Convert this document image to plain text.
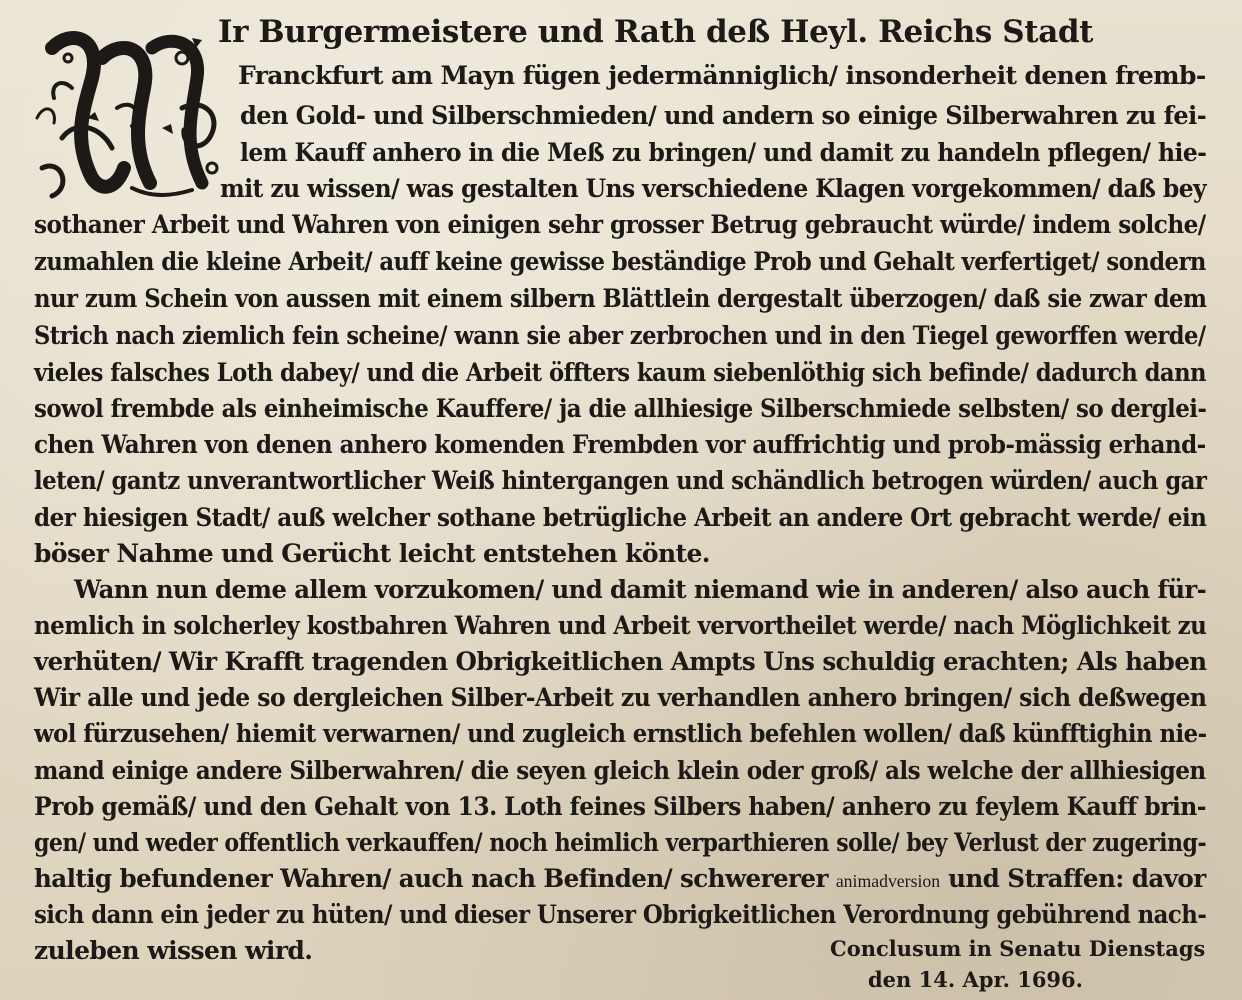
Ir Burgermeistere und Rath deß Heyl. Reichs Stadt
Franckfurt am Mayn fügen jedermänniglich/ insonderheit denen fremb-
den Gold- und Silberschmieden/ und andern so einige Silberwahren zu fei-
lem Kauff anhero in die Meß zu bringen/ und damit zu handeln pflegen/ hie-
mit zu wissen/ was gestalten Uns verschiedene Klagen vorgekommen/ daß bey
sothaner Arbeit und Wahren von einigen sehr grosser Betrug gebraucht würde/ indem solche/
zumahlen die kleine Arbeit/ auff keine gewisse beständige Prob und Gehalt verfertiget/ sondern
nur zum Schein von aussen mit einem silbern Blättlein dergestalt überzogen/ daß sie zwar dem
Strich nach ziemlich fein scheine/ wann sie aber zerbrochen und in den Tiegel geworffen werde/
vieles falsches Loth dabey/ und die Arbeit öffters kaum siebenlöthig sich befinde/ dadurch dann
sowol frembde als einheimische Kauffere/ ja die allhiesige Silberschmiede selbsten/ so derglei-
chen Wahren von denen anhero komenden Frembden vor auffrichtig und prob-mässig erhand-
leten/ gantz unverantwortlicher Weiß hintergangen und schändlich betrogen würden/ auch gar
der hiesigen Stadt/ auß welcher sothane betrügliche Arbeit an andere Ort gebracht werde/ ein
böser Nahme und Gerücht leicht entstehen könte.
Wann nun deme allem vorzukomen/ und damit niemand wie in anderen/ also auch für-
nemlich in solcherley kostbahren Wahren und Arbeit vervortheilet werde/ nach Möglichkeit zu
verhüten/ Wir Krafft tragenden Obrigkeitlichen Ampts Uns schuldig erachten; Als haben
Wir alle und jede so dergleichen Silber-Arbeit zu verhandlen anhero bringen/ sich deßwegen
wol fürzusehen/ hiemit verwarnen/ und zugleich ernstlich befehlen wollen/ daß künfftighin nie-
mand einige andere Silberwahren/ die seyen gleich klein oder groß/ als welche der allhiesigen
Prob gemäß/ und den Gehalt von 13. Loth feines Silbers haben/ anhero zu feylem Kauff brin-
gen/ und weder offentlich verkauffen/ noch heimlich verparthieren solle/ bey Verlust der zugering-
haltig befundener Wahren/ auch nach Befinden/ schwererer animadversion und Straffen: davor
sich dann ein jeder zu hüten/ und dieser Unserer Obrigkeitlichen Verordnung gebührend nach-
zuleben wissen wird.	Conclusum in Senatu Dienstags
den 14. Apr. 1696.
